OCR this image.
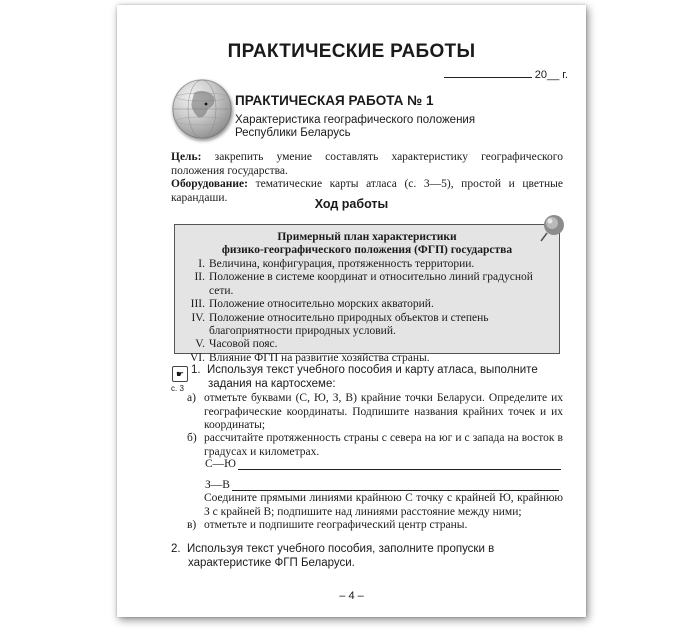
ПРАКТИЧЕСКИЕ РАБОТЫ
20__ г.
ПРАКТИЧЕСКАЯ РАБОТА № 1
Характеристика географического положения
Республики Беларусь
Цель: закрепить умение составлять характеристику географического положения государства.
Оборудование: тематические карты атласа (с. 3—5), простой и цветные карандаши.	Ход работы
Примерный план характеристики
физико-географического положения (ФГП) государства
I. Величина, конфигурация, протяженность территории.
II. Положение в системе координат и относительно линий градусной сети.
III. Положение относительно морских акваторий.
IV. Положение относительно природных объектов и степень благоприятности природных условий.
V. Часовой пояс.
VI. Влияние ФГП на развитие хозяйства страны.
☛
с. 3
1. Используя текст учебного пособия и карту атласа, выполните задания на картосхеме:
а) отметьте буквами (С, Ю, З, В) крайние точки Беларуси. Определите их географические координаты. Подпишите названия крайних точек и их координаты;
б) рассчитайте протяженность страны с севера на юг и с запада на восток в градусах и километрах.
С—Ю
З—В
Соедините прямыми линиями крайнюю С точку с крайней Ю, крайнюю З с крайней В; подпишите над линиями расстояние между ними;
в) отметьте и подпишите географический центр страны.
2. Используя текст учебного пособия, заполните пропуски в характеристике ФГП Беларуси.
– 4 –
